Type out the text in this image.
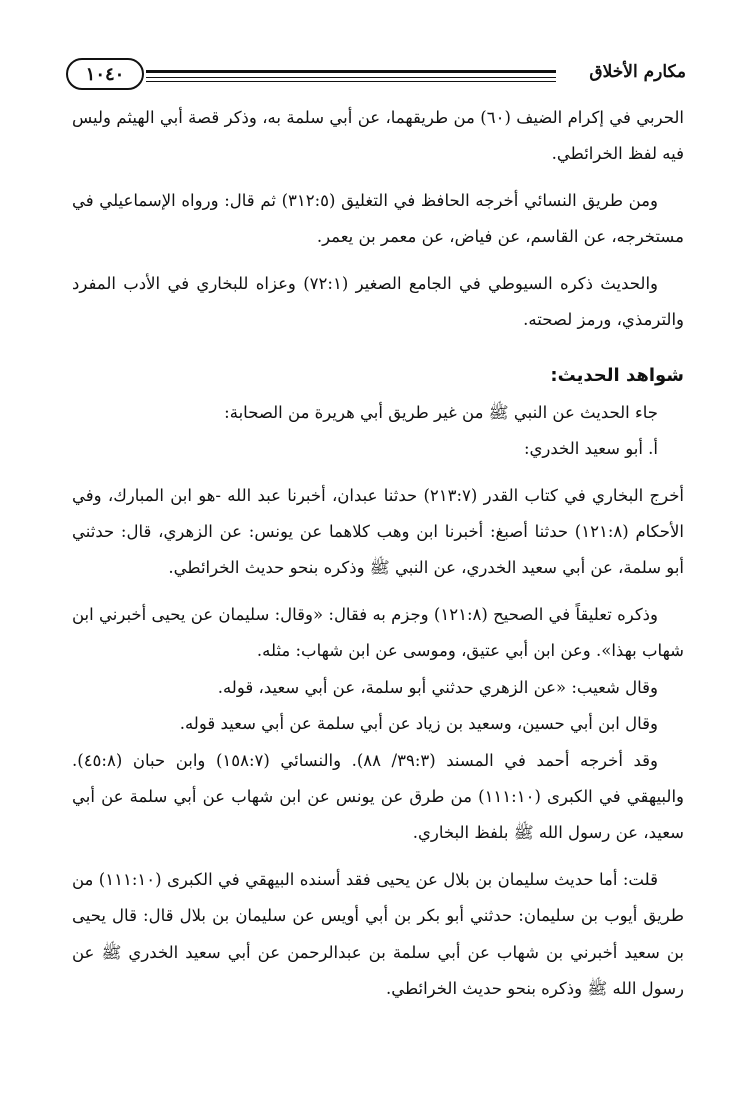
مكارم الأخلاق
١٠٤٠

الحربي في إكرام الضيف (٦٠) من طريقهما، عن أبي سلمة به، وذكر قصة أبي الهيثم وليس فيه لفظ الخرائطي.

ومن طريق النسائي أخرجه الحافظ في التغليق (٣١٢:٥) ثم قال: ورواه الإسماعيلي في مستخرجه، عن القاسم، عن فياض، عن معمر بن يعمر.

والحديث ذكره السيوطي في الجامع الصغير (٧٢:١) وعزاه للبخاري في الأدب المفرد والترمذي، ورمز لصحته.

شواهد الحديث:

جاء الحديث عن النبي ﷺ من غير طريق أبي هريرة من الصحابة:

أ. أبو سعيد الخدري:

أخرج البخاري في كتاب القدر (٢١٣:٧) حدثنا عبدان، أخبرنا عبد الله -هو ابن المبارك، وفي الأحكام (١٢١:٨) حدثنا أصبغ: أخبرنا ابن وهب كلاهما عن يونس: عن الزهري، قال: حدثني أبو سلمة، عن أبي سعيد الخدري، عن النبي ﷺ وذكره بنحو حديث الخرائطي.

وذكره تعليقاً في الصحيح (١٢١:٨) وجزم به فقال: «وقال: سليمان عن يحيى أخبرني ابن شهاب بهذا». وعن ابن أبي عتيق، وموسى عن ابن شهاب: مثله.

وقال شعيب: «عن الزهري حدثني أبو سلمة، عن أبي سعيد، قوله.

وقال ابن أبي حسين، وسعيد بن زياد عن أبي سلمة عن أبي سعيد قوله.

وقد أخرجه أحمد في المسند (٣٩:٣/ ٨٨). والنسائي (١٥٨:٧) وابن حبان (٤٥:٨). والبيهقي في الكبرى (١١١:١٠) من طرق عن يونس عن ابن شهاب عن أبي سلمة عن أبي سعيد، عن رسول الله ﷺ بلفظ البخاري.

قلت: أما حديث سليمان بن بلال عن يحيى فقد أسنده البيهقي في الكبرى (١١١:١٠) من طريق أيوب بن سليمان: حدثني أبو بكر بن أبي أويس عن سليمان بن بلال قال: قال يحيى بن سعيد أخبرني بن شهاب عن أبي سلمة بن عبدالرحمن عن أبي سعيد الخدري ﷺ عن رسول الله ﷺ وذكره بنحو حديث الخرائطي.
